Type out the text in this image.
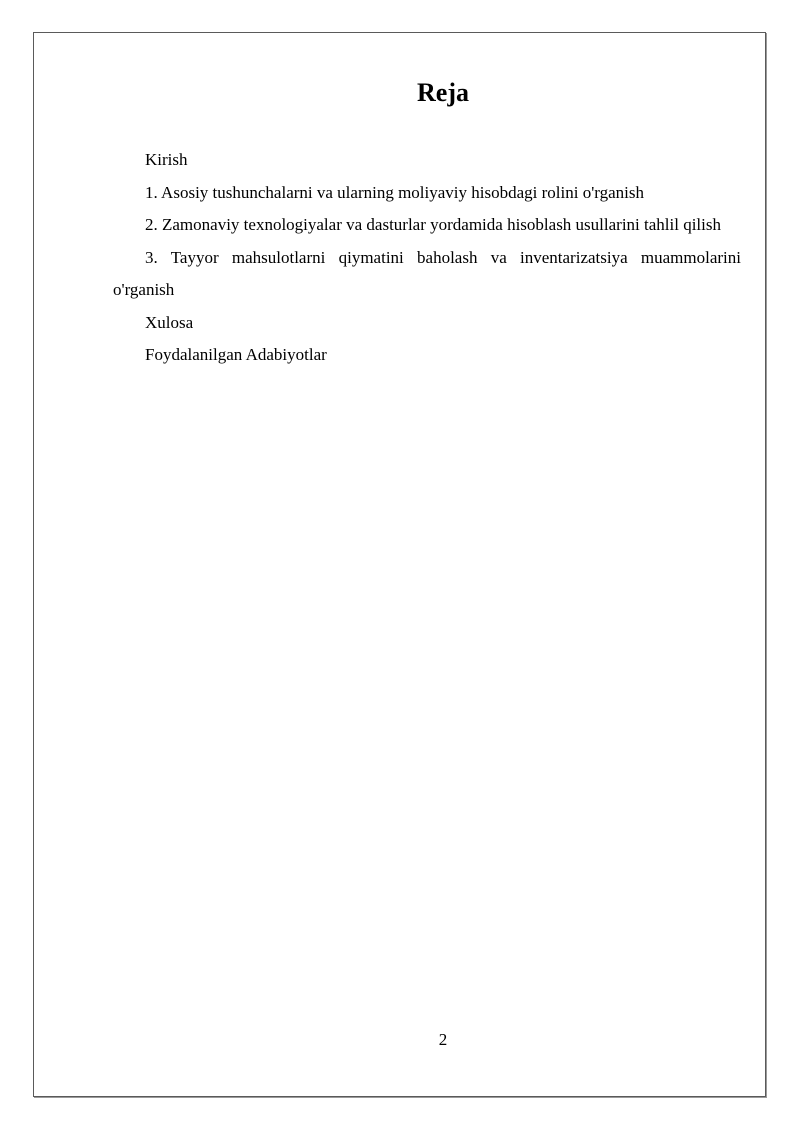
Reja

Kirish

1. Asosiy tushunchalarni va ularning moliyaviy hisobdagi rolini o'rganish

2. Zamonaviy texnologiyalar va dasturlar yordamida hisoblash usullarini tahlil qilish

3. Tayyor mahsulotlarni qiymatini baholash va inventarizatsiya muammolarini o'rganish

Xulosa

Foydalanilgan Adabiyotlar

2
